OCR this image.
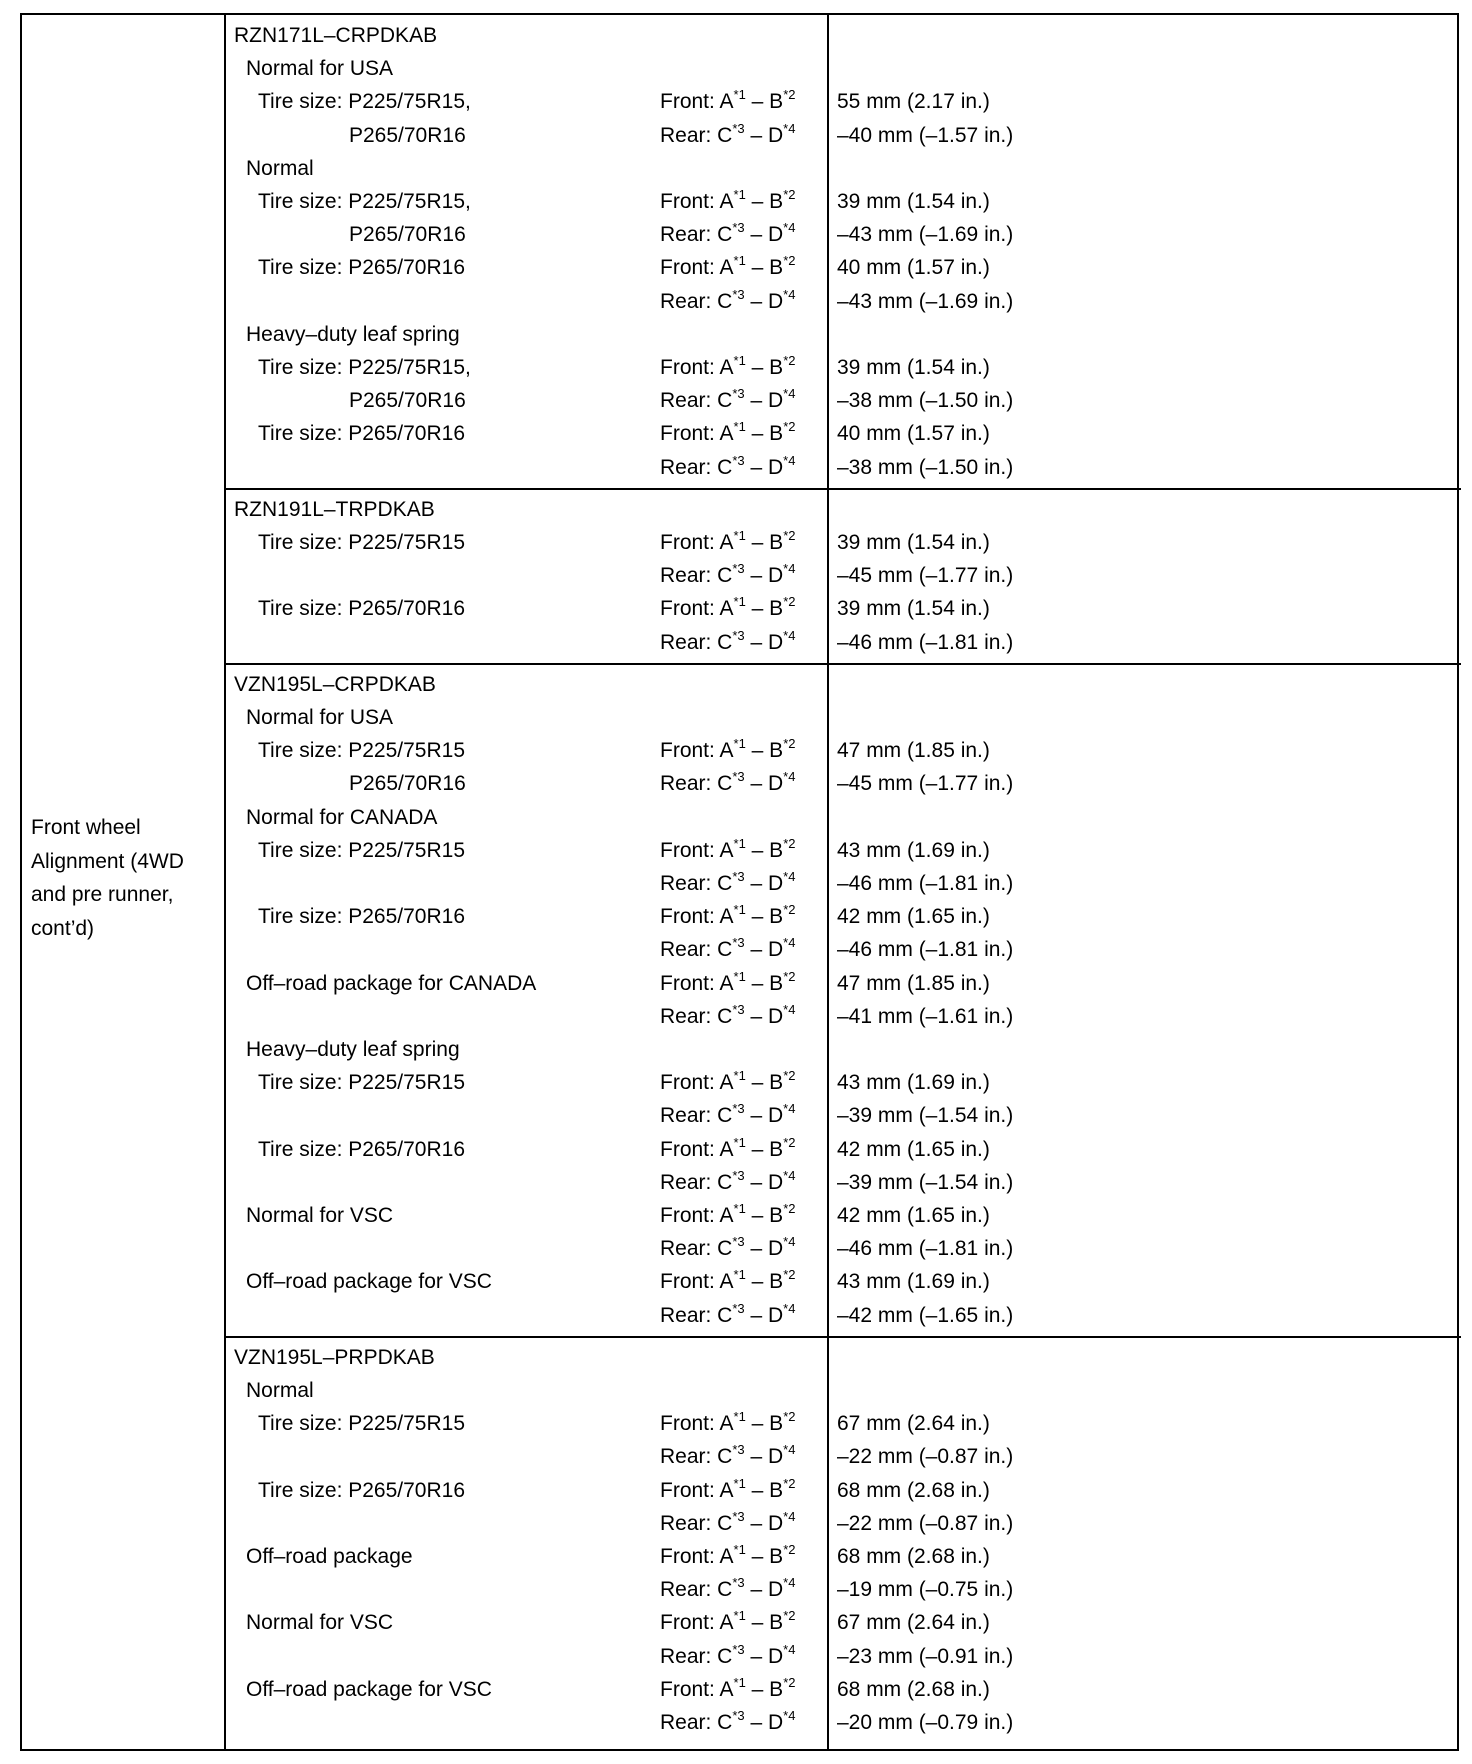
Front wheel Alignment (4WD and pre runner, cont’d)
RZN171L–CRPDKAB
Normal for USA
Tire size: P225/75R15,	Front: $A^{*1} - B^{*2}$ 55 mm (2.17 in.)
P265/70R16	Rear: $C^{*3} - D^{*4}$ –40 mm (–1.57 in.)
Normal
Tire size: P225/75R15,	Front: $A^{*1} - B^{*2}$ 39 mm (1.54 in.)
P265/70R16	Rear: $C^{*3} - D^{*4}$ –43 mm (–1.69 in.)
Tire size: P265/70R16	Front: $A^{*1} - B^{*2}$ 40 mm (1.57 in.)
Rear: $C^{*3} - D^{*4}$ –43 mm (–1.69 in.)
Heavy–duty leaf spring
Tire size: P225/75R15,	Front: $A^{*1} - B^{*2}$ 39 mm (1.54 in.)
P265/70R16	Rear: $C^{*3} - D^{*4}$ –38 mm (–1.50 in.)
Tire size: P265/70R16	Front: $A^{*1} - B^{*2}$ 40 mm (1.57 in.)
Rear: $C^{*3} - D^{*4}$ –38 mm (–1.50 in.)
RZN191L–TRPDKAB
Tire size: P225/75R15	Front: $A^{*1} - B^{*2}$ 39 mm (1.54 in.)
Rear: $C^{*3} - D^{*4}$ –45 mm (–1.77 in.)
Tire size: P265/70R16	Front: $A^{*1} - B^{*2}$ 39 mm (1.54 in.)
Rear: $C^{*3} - D^{*4}$ –46 mm (–1.81 in.)
VZN195L–CRPDKAB
Normal for USA
Tire size: P225/75R15	Front: $A^{*1} - B^{*2}$ 47 mm (1.85 in.)
P265/70R16	Rear: $C^{*3} - D^{*4}$ –45 mm (–1.77 in.)
Normal for CANADA
Tire size: P225/75R15	Front: $A^{*1} - B^{*2}$ 43 mm (1.69 in.)
Rear: $C^{*3} - D^{*4}$ –46 mm (–1.81 in.)
Tire size: P265/70R16	Front: $A^{*1} - B^{*2}$ 42 mm (1.65 in.)
Rear: $C^{*3} - D^{*4}$ –46 mm (–1.81 in.)
Off–road package for CANADA	Front: $A^{*1} - B^{*2}$ 47 mm (1.85 in.)
Rear: $C^{*3} - D^{*4}$ –41 mm (–1.61 in.)
Heavy–duty leaf spring
Tire size: P225/75R15	Front: $A^{*1} - B^{*2}$ 43 mm (1.69 in.)
Rear: $C^{*3} - D^{*4}$ –39 mm (–1.54 in.)
Tire size: P265/70R16	Front: $A^{*1} - B^{*2}$ 42 mm (1.65 in.)
Rear: $C^{*3} - D^{*4}$ –39 mm (–1.54 in.)
Normal for VSC	Front: $A^{*1} - B^{*2}$ 42 mm (1.65 in.)
Rear: $C^{*3} - D^{*4}$ –46 mm (–1.81 in.)
Off–road package for VSC	Front: $A^{*1} - B^{*2}$ 43 mm (1.69 in.)
Rear: $C^{*3} - D^{*4}$ –42 mm (–1.65 in.)
VZN195L–PRPDKAB
Normal
Tire size: P225/75R15	Front: $A^{*1} - B^{*2}$ 67 mm (2.64 in.)
Rear: $C^{*3} - D^{*4}$ –22 mm (–0.87 in.)
Tire size: P265/70R16	Front: $A^{*1} - B^{*2}$ 68 mm (2.68 in.)
Rear: $C^{*3} - D^{*4}$ –22 mm (–0.87 in.)
Off–road package	Front: $A^{*1} - B^{*2}$ 68 mm (2.68 in.)
Rear: $C^{*3} - D^{*4}$ –19 mm (–0.75 in.)
Normal for VSC	Front: $A^{*1} - B^{*2}$ 67 mm (2.64 in.)
Rear: $C^{*3} - D^{*4}$ –23 mm (–0.91 in.)
Off–road package for VSC	Front: $A^{*1} - B^{*2}$ 68 mm (2.68 in.)
Rear: $C^{*3} - D^{*4}$ –20 mm (–0.79 in.)
